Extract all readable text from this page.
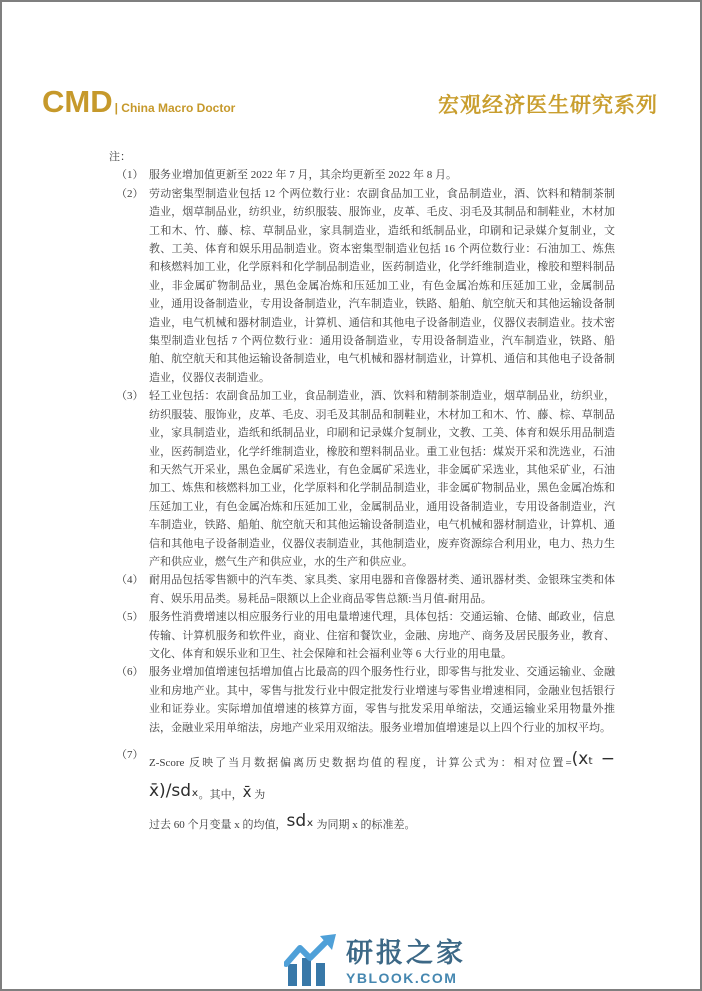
CMD | China Macro Doctor	宏观经济医生研究系列
注：
（1） 服务业增加值更新至 2022 年 7 月，其余均更新至 2022 年 8 月。
（2） 劳动密集型制造业包括 12 个两位数行业：农副食品加工业，食品制造业，酒、饮料和精制茶制造业，烟草制品业，纺织业，纺织服装、服饰业，皮革、毛皮、羽毛及其制品和制鞋业，木材加工和木、竹、藤、棕、草制品业，家具制造业，造纸和纸制品业，印刷和记录媒介复制业，文教、工美、体育和娱乐用品制造业。资本密集型制造业包括 16 个两位数行业：石油加工、炼焦和核燃料加工业，化学原料和化学制品制造业，医药制造业，化学纤维制造业，橡胶和塑料制品业，非金属矿物制品业，黑色金属冶炼和压延加工业，有色金属冶炼和压延加工业，金属制品业，通用设备制造业，专用设备制造业，汽车制造业，铁路、船舶、航空航天和其他运输设备制造业，电气机械和器材制造业，计算机、通信和其他电子设备制造业，仪器仪表制造业。技术密集型制造业包括 7 个两位数行业：通用设备制造业，专用设备制造业，汽车制造业，铁路、船舶、航空航天和其他运输设备制造业，电气机械和器材制造业，计算机、通信和其他电子设备制造业，仪器仪表制造业。
（3） 轻工业包括：农副食品加工业，食品制造业，酒、饮料和精制茶制造业，烟草制品业，纺织业，纺织服装、服饰业，皮革、毛皮、羽毛及其制品和制鞋业，木材加工和木、竹、藤、棕、草制品业，家具制造业，造纸和纸制品业，印刷和记录媒介复制业，文教、工美、体育和娱乐用品制造业，医药制造业，化学纤维制造业，橡胶和塑料制品业。重工业包括：煤炭开采和洗选业，石油和天然气开采业，黑色金属矿采选业，有色金属矿采选业，非金属矿采选业，其他采矿业，石油加工、炼焦和核燃料加工业，化学原料和化学制品制造业，非金属矿物制品业，黑色金属冶炼和压延加工业，有色金属冶炼和压延加工业，金属制品业，通用设备制造业，专用设备制造业，汽车制造业，铁路、船舶、航空航天和其他运输设备制造业，电气机械和器材制造业，计算机、通信和其他电子设备制造业，仪器仪表制造业，其他制造业，废弃资源综合利用业，电力、热力生产和供应业，燃气生产和供应业，水的生产和供应业。
（4） 耐用品包括零售额中的汽车类、家具类、家用电器和音像器材类、通讯器材类、金银珠宝类和体育、娱乐用品类。易耗品=限额以上企业商品零售总额:当月值-耐用品。
（5） 服务性消费增速以相应服务行业的用电量增速代理，具体包括：交通运输、仓储、邮政业，信息传输、计算机服务和软件业，商业、住宿和餐饮业，金融、房地产、商务及居民服务业，教育、文化、体育和娱乐业和卫生、社会保障和社会福利业等 6 大行业的用电量。
（6） 服务业增加值增速包括增加值占比最高的四个服务性行业，即零售与批发业、交通运输业、金融业和房地产业。其中，零售与批发行业中假定批发行业增速与零售业增速相同，金融业包括银行业和证券业。实际增加值增速的核算方面，零售与批发采用单缩法，交通运输业采用物量外推法，金融业采用单缩法，房地产业采用双缩法。服务业增加值增速是以上四个行业的加权平均。
（7）
Z-Score 反映了当月数据偏离历史数据均值的程度，计算公式为：相对位置=(xₜ − x̄)/sdₓ。其中，x̄ 为
过去 60 个月变量 x 的均值，sdₓ 为同期 x 的标准差。
研报之家
YBLOOK.COM
